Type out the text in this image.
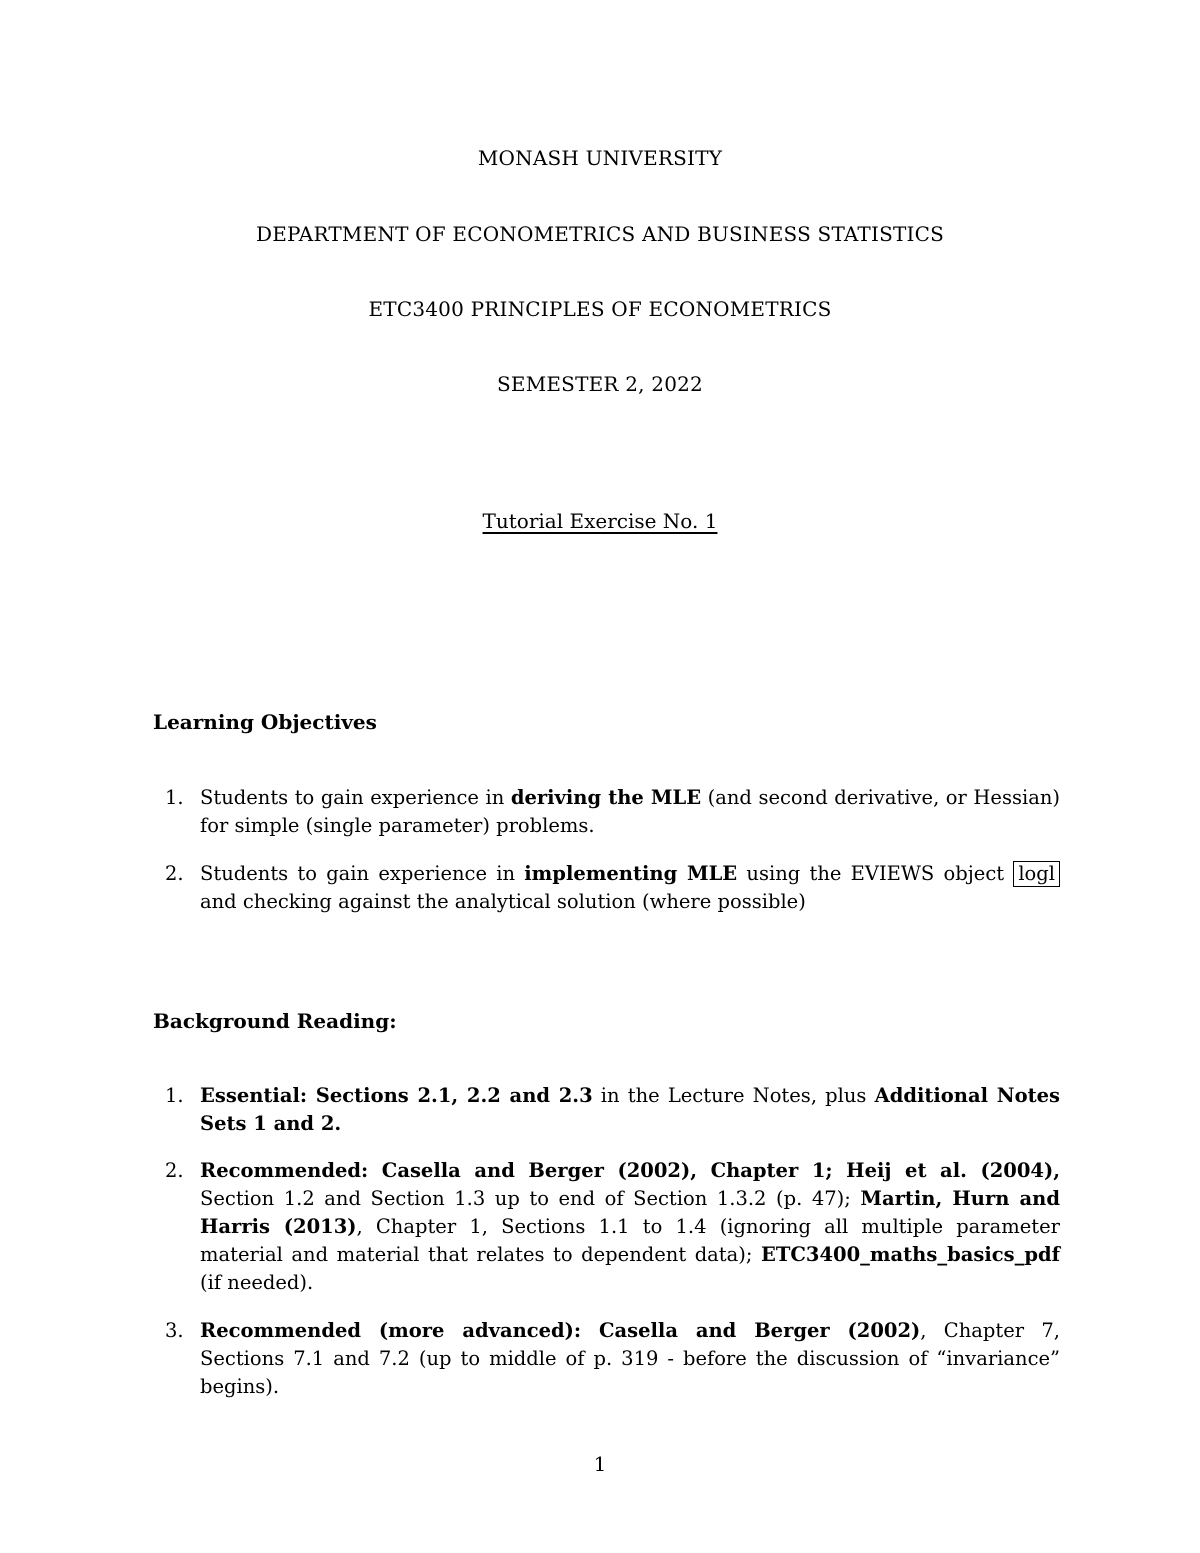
MONASH UNIVERSITY
DEPARTMENT OF ECONOMETRICS AND BUSINESS STATISTICS
ETC3400 PRINCIPLES OF ECONOMETRICS
SEMESTER 2, 2022
Tutorial Exercise No. 1
Learning Objectives
1. Students to gain experience in deriving the MLE (and second derivative, or Hessian) for simple (single parameter) problems.
2. Students to gain experience in implementing MLE using the EVIEWS object logl and checking against the analytical solution (where possible)
Background Reading:
1. Essential: Sections 2.1, 2.2 and 2.3 in the Lecture Notes, plus Additional Notes Sets 1 and 2.
2. Recommended: Casella and Berger (2002), Chapter 1; Heij et al. (2004), Section 1.2 and Section 1.3 up to end of Section 1.3.2 (p. 47); Martin, Hurn and Harris (2013), Chapter 1, Sections 1.1 to 1.4 (ignoring all multiple parameter material and material that relates to dependent data); ETC3400_maths_basics_pdf (if needed).
3. Recommended (more advanced): Casella and Berger (2002), Chapter 7, Sections 7.1 and 7.2 (up to middle of p. 319 - before the discussion of “invariance” begins).
1
